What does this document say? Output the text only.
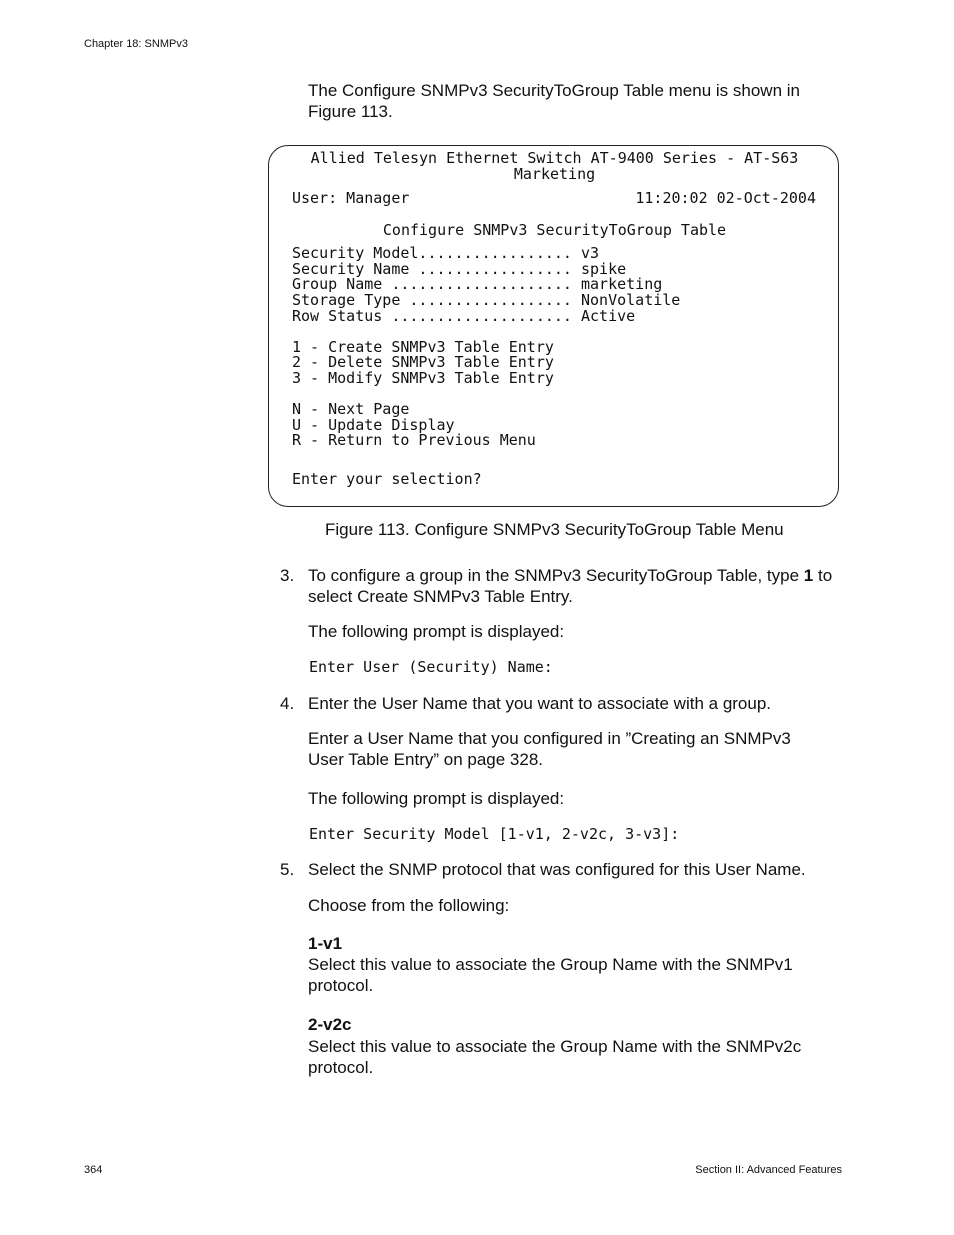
Chapter 18: SNMPv3
The Configure SNMPv3 SecurityToGroup Table menu is shown in Figure 113.
Allied Telesyn Ethernet Switch AT-9400 Series - AT-S63
Marketing
User: Manager	11:20:02 02-Oct-2004
Configure SNMPv3 SecurityToGroup Table
Security Model................. v3
Security Name ................. spike
Group Name .................... marketing
Storage Type .................. NonVolatile
Row Status .................... Active
1 - Create SNMPv3 Table Entry
2 - Delete SNMPv3 Table Entry
3 - Modify SNMPv3 Table Entry
N - Next Page
U - Update Display
R - Return to Previous Menu
Enter your selection?
Figure 113. Configure SNMPv3 SecurityToGroup Table Menu
3. To configure a group in the SNMPv3 SecurityToGroup Table, type 1 to select Create SNMPv3 Table Entry.
The following prompt is displayed:
Enter User (Security) Name:
4. Enter the User Name that you want to associate with a group.
Enter a User Name that you configured in ”Creating an SNMPv3 User Table Entry” on page 328.
The following prompt is displayed:
Enter Security Model [1-v1, 2-v2c, 3-v3]:
5. Select the SNMP protocol that was configured for this User Name.
Choose from the following:
1-v1
Select this value to associate the Group Name with the SNMPv1 protocol.
2-v2c
Select this value to associate the Group Name with the SNMPv2c protocol.
364	Section II: Advanced Features
